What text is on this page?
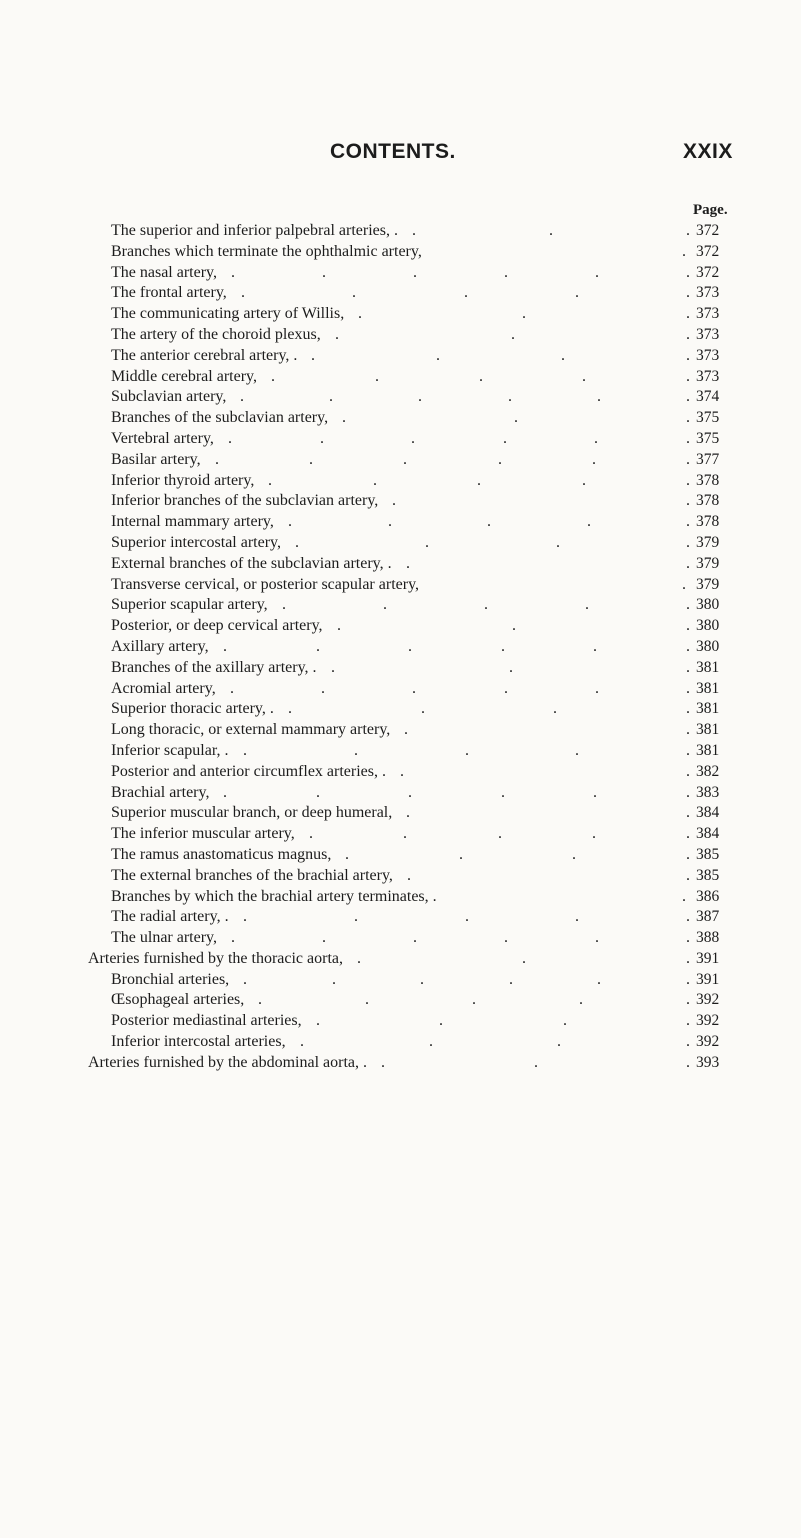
CONTENTS.	XXIX
Page.
The superior and inferior palpebral arteries, . .	.	. 372
Branches which terminate the ophthalmic artery,	. 372
The nasal artery, .	.	.	.	.	. 372
The frontal artery, .	.	.	.	. 373
The communicating artery of Willis, .	.	. 373
The artery of the choroid plexus, .	.	. 373
The anterior cerebral artery, . .	.	.	. 373
Middle cerebral artery, .	.	.	.	. 373
Subclavian artery, .	.	.	.	.	. 374
Branches of the subclavian artery, .	.	. 375
Vertebral artery, .	.	.	.	.	. 375
Basilar artery, .	.	.	.	.	. 377
Inferior thyroid artery, .	.	.	.	. 378
Inferior branches of the subclavian artery, .	. 378
Internal mammary artery, .	.	.	.	. 378
Superior intercostal artery, .	.	.	. 379
External branches of the subclavian artery, . .	. 379
Transverse cervical, or posterior scapular artery,	. 379
Superior scapular artery, .	.	.	.	. 380
Posterior, or deep cervical artery, .	.	. 380
Axillary artery, .	.	.	.	.	. 380
Branches of the axillary artery, . .	.	. 381
Acromial artery, .	.	.	.	.	. 381
Superior thoracic artery, . .	.	.	. 381
Long thoracic, or external mammary artery, .	. 381
Inferior scapular, . .	.	.	.	. 381
Posterior and anterior circumflex arteries, . .	. 382
Brachial artery, .	.	.	.	.	. 383
Superior muscular branch, or deep humeral, .	. 384
The inferior muscular artery, .	.	.	.	. 384
The ramus anastomaticus magnus, .	.	.	. 385
The external branches of the brachial artery, .	. 385
Branches by which the brachial artery terminates, .	. 386
The radial artery, . .	.	.	.	. 387
The ulnar artery, .	.	.	.	.	. 388
Arteries furnished by the thoracic aorta, .	.	. 391
Bronchial arteries, .	.	.	.	.	. 391
Œsophageal arteries, .	.	.	.	. 392
Posterior mediastinal arteries, .	.	.	. 392
Inferior intercostal arteries, .	.	.	. 392
Arteries furnished by the abdominal aorta, . .	.	. 393
